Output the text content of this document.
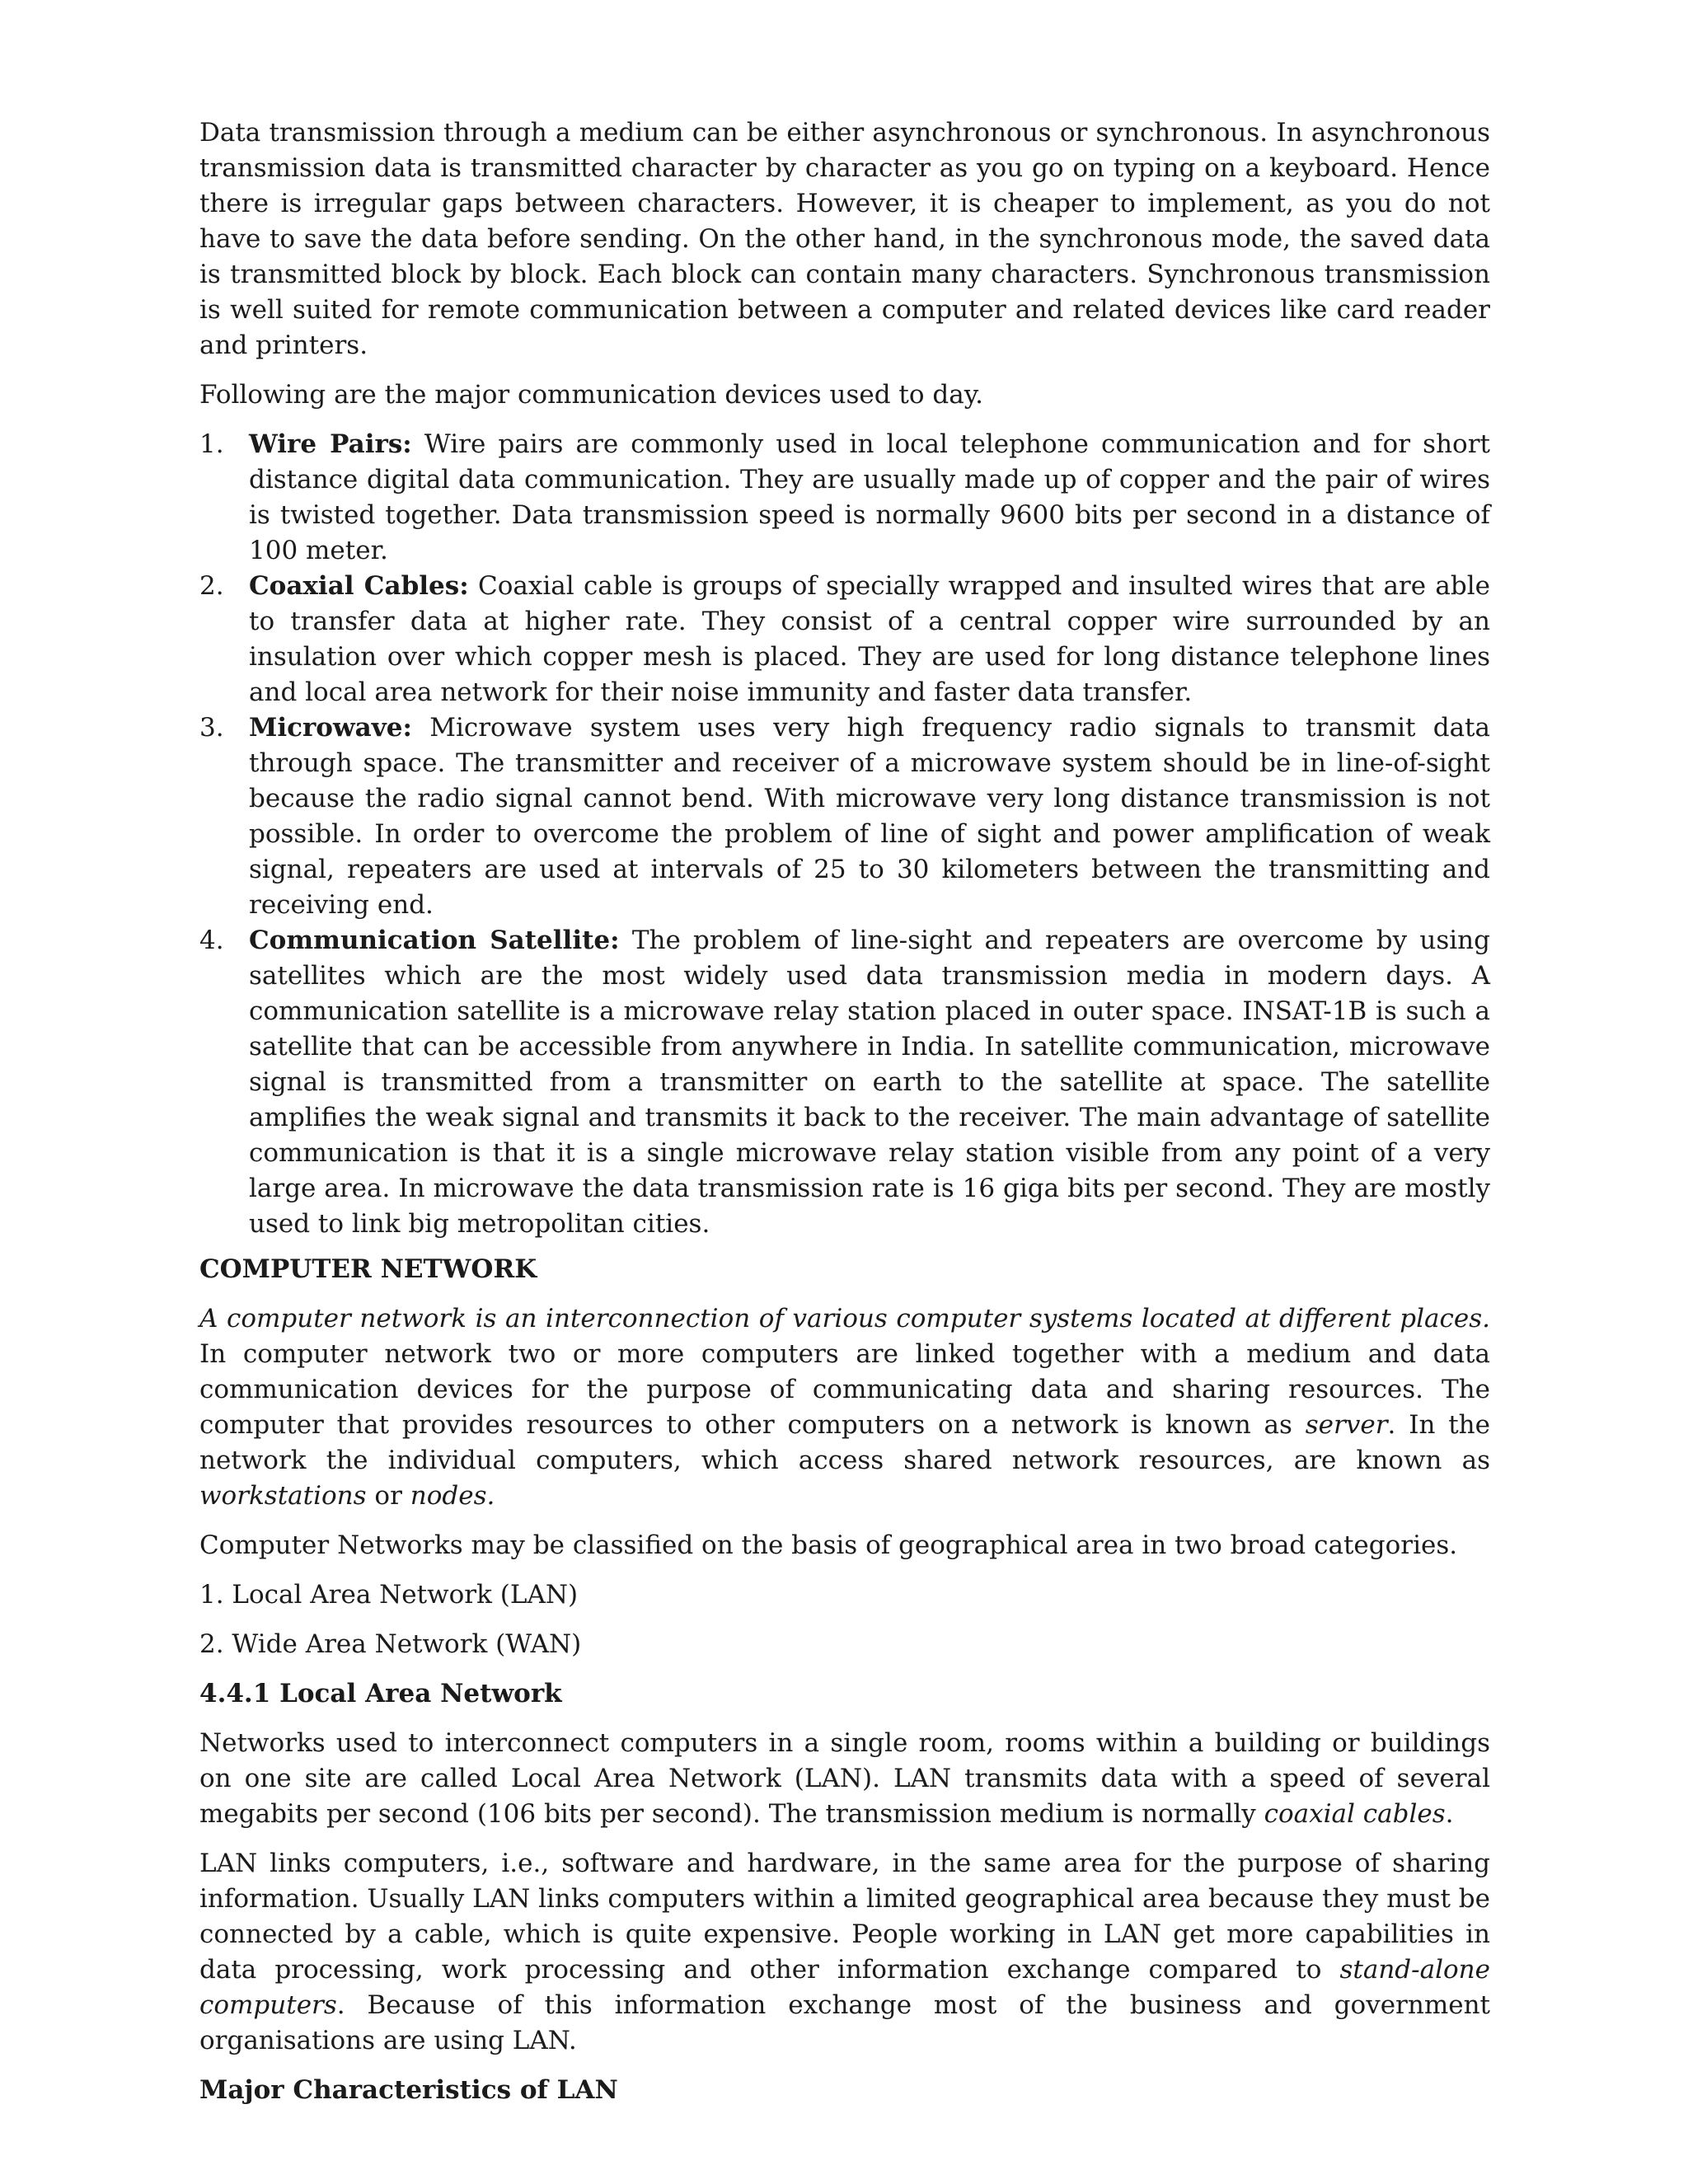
Data transmission through a medium can be either asynchronous or synchronous. In asynchronous transmission data is transmitted character by character as you go on typing on a keyboard. Hence there is irregular gaps between characters. However, it is cheaper to implement, as you do not have to save the data before sending. On the other hand, in the synchronous mode, the saved data is transmitted block by block. Each block can contain many characters. Synchronous transmission is well suited for remote communication between a computer and related devices like card reader and printers.

Following are the major communication devices used to day.

1. Wire Pairs: Wire pairs are commonly used in local telephone communication and for short distance digital data communication. They are usually made up of copper and the pair of wires is twisted together. Data transmission speed is normally 9600 bits per second in a distance of 100 meter.
2. Coaxial Cables: Coaxial cable is groups of specially wrapped and insulted wires that are able to transfer data at higher rate. They consist of a central copper wire surrounded by an insulation over which copper mesh is placed. They are used for long distance telephone lines and local area network for their noise immunity and faster data transfer.
3. Microwave: Microwave system uses very high frequency radio signals to transmit data through space. The transmitter and receiver of a microwave system should be in line-of-sight because the radio signal cannot bend. With microwave very long distance transmission is not possible. In order to overcome the problem of line of sight and power amplification of weak signal, repeaters are used at intervals of 25 to 30 kilometers between the transmitting and receiving end.
4. Communication Satellite: The problem of line-sight and repeaters are overcome by using satellites which are the most widely used data transmission media in modern days. A communication satellite is a microwave relay station placed in outer space. INSAT-1B is such a satellite that can be accessible from anywhere in India. In satellite communication, microwave signal is transmitted from a transmitter on earth to the satellite at space. The satellite amplifies the weak signal and transmits it back to the receiver. The main advantage of satellite communication is that it is a single microwave relay station visible from any point of a very large area. In microwave the data transmission rate is 16 giga bits per second. They are mostly used to link big metropolitan cities.
COMPUTER NETWORK

A computer network is an interconnection of various computer systems located at different places. In computer network two or more computers are linked together with a medium and data communication devices for the purpose of communicating data and sharing resources. The computer that provides resources to other computers on a network is known as server. In the network the individual computers, which access shared network resources, are known as workstations or nodes.

Computer Networks may be classified on the basis of geographical area in two broad categories.

1. Local Area Network (LAN)

2. Wide Area Network (WAN)

4.4.1 Local Area Network

Networks used to interconnect computers in a single room, rooms within a building or buildings on one site are called Local Area Network (LAN). LAN transmits data with a speed of several megabits per second (106 bits per second). The transmission medium is normally coaxial cables.

LAN links computers, i.e., software and hardware, in the same area for the purpose of sharing information. Usually LAN links computers within a limited geographical area because they must be connected by a cable, which is quite expensive. People working in LAN get more capabilities in data processing, work processing and other information exchange compared to stand-alone computers. Because of this information exchange most of the business and government organisations are using LAN.

Major Characteristics of LAN
